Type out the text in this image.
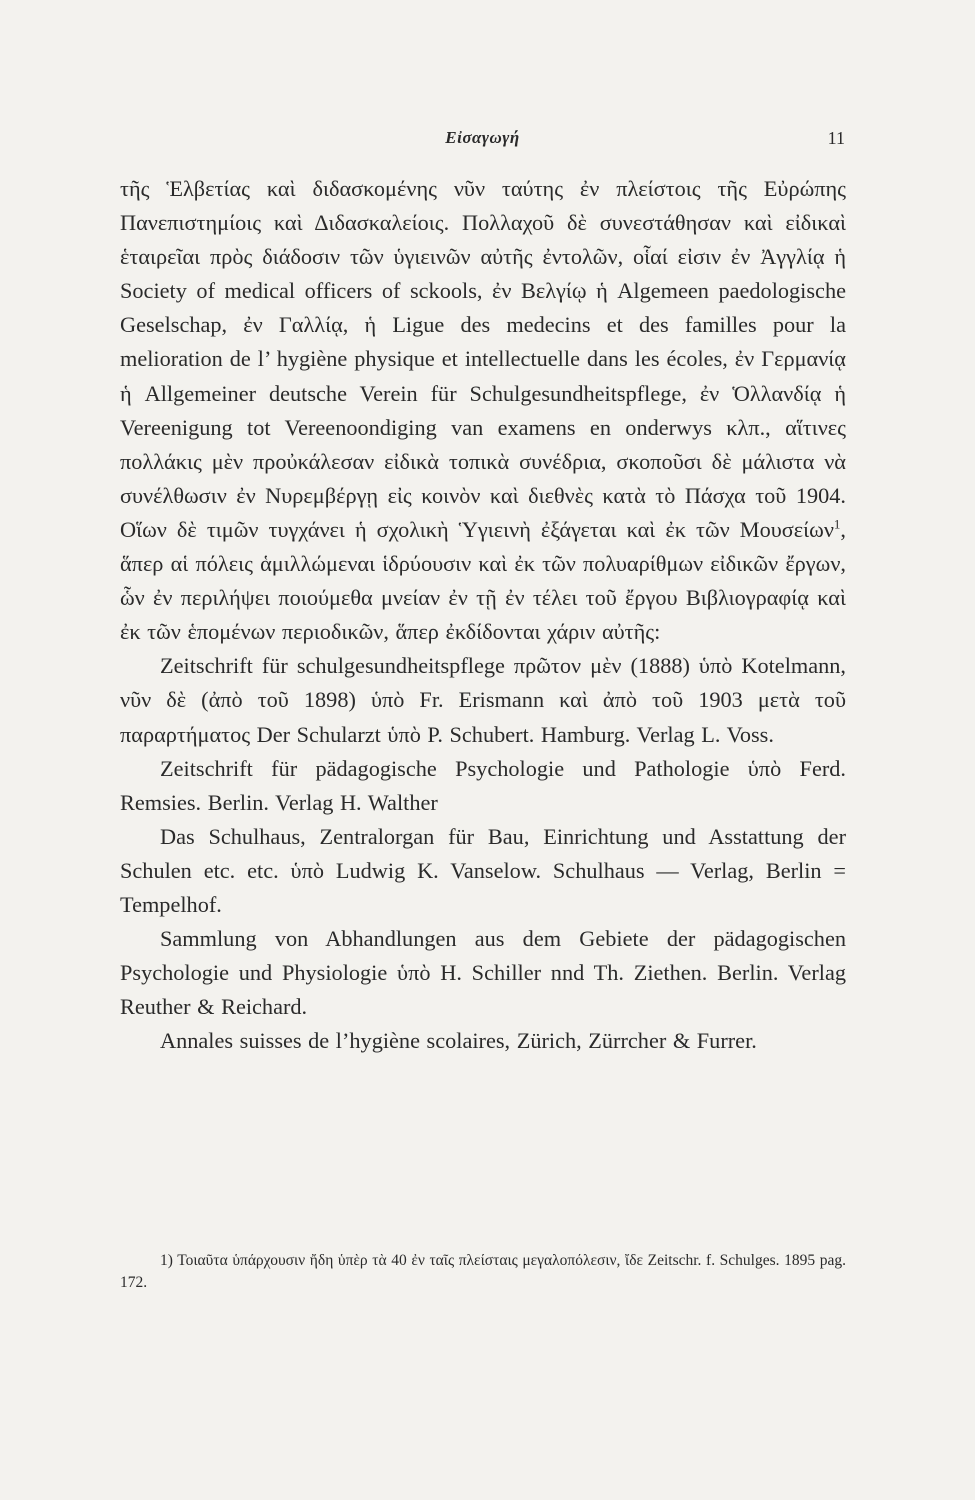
Εἰσαγωγή	11

τῆς Ἑλβετίας καὶ διδασκομένης νῦν ταύτης ἐν πλείστοις τῆς Εὐρώπης Πανεπιστημίοις καὶ Διδασκαλείοις. Πολλαχοῦ δὲ συνεστάθησαν καὶ εἰδικαὶ ἑταιρεῖαι πρὸς διάδοσιν τῶν ὑγιεινῶν αὐτῆς ἐντολῶν, οἷαί εἰσιν ἐν Ἀγγλίᾳ ἡ Society of medical officers of sckools, ἐν Βελγίῳ ἡ Algemeen paedologische Geselschap, ἐν Γαλλίᾳ, ἡ Ligue des medecins et des familles pour la melioration de l’ hygiène physique et intellectuelle dans les écoles, ἐν Γερμανίᾳ ἡ Allgemeiner deutsche Verein für Schulgesundheitspflege, ἐν Ὁλλανδίᾳ ἡ Vereenigung tot Vereenoondiging van examens en onderwys κλπ., αἵτινες πολλάκις μὲν προὐκάλεσαν εἰδικὰ τοπικὰ συνέδρια, σκοποῦσι δὲ μάλιστα νὰ συνέλθωσιν ἐν Νυρεμβέργῃ εἰς κοινὸν καὶ διεθνὲς κατὰ τὸ Πάσχα τοῦ 1904. Οἵων δὲ τιμῶν τυγχάνει ἡ σχολικὴ Ὑγιεινὴ ἐξάγεται καὶ ἐκ τῶν Μουσείων$^1$, ἅπερ αἱ πόλεις ἁμιλλώμεναι ἱδρύουσιν καὶ ἐκ τῶν πολυαρίθμων εἰδικῶν ἔργων, ὧν ἐν περιλήψει ποιούμεθα μνείαν ἐν τῇ ἐν τέλει τοῦ ἔργου Βιβλιογραφίᾳ καὶ ἐκ τῶν ἑπομένων περιοδικῶν, ἅπερ ἐκδίδονται χάριν αὐτῆς:

Zeitschrift für schulgesundheitspflege πρῶτον μὲν (1888) ὑπὸ Kotelmann, νῦν δὲ (ἀπὸ τοῦ 1898) ὑπὸ Fr. Erismann καὶ ἀπὸ τοῦ 1903 μετὰ τοῦ παραρτήματος Der Schularzt ὑπὸ P. Schubert. Hamburg. Verlag L. Voss.

Zeitschrift für pädagogische Psychologie und Pathologie ὑπὸ Ferd. Remsies. Berlin. Verlag H. Walther

Das Schulhaus, Zentralorgan für Bau, Einrichtung und Asstattung der Schulen etc. etc. ὑπὸ Ludwig K. Vanselow. Schulhaus — Verlag, Berlin = Tempelhof.

Sammlung von Abhandlungen aus dem Gebiete der pädagogischen Psychologie und Physiologie ὑπὸ H. Schiller nnd Th. Ziethen. Berlin. Verlag Reuther & Reichard.

Annales suisses de l’hygiène scolaires, Zürich, Zürrcher & Furrer.

1) Τοιαῦτα ὑπάρχουσιν ἤδη ὑπὲρ τὰ 40 ἐν ταῖς πλείσταις μεγαλοπόλεσιν, ἴδε Zeitschr. f. Schulges. 1895 pag. 172.
